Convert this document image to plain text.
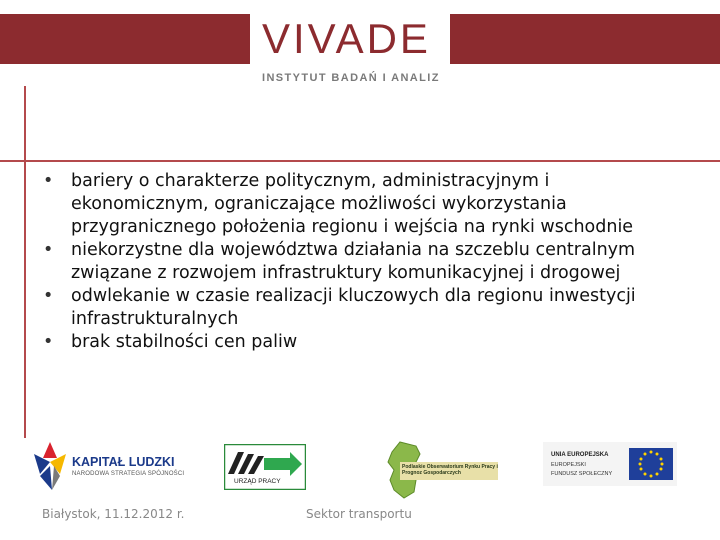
VIVADE
INSTYTUT BADAŃ I ANALIZ
• bariery o charakterze politycznym, administracyjnym i ekonomicznym, ograniczające możliwości wykorzystania przygranicznego położenia regionu i wejścia na rynki wschodnie
• niekorzystne dla województwa działania na szczeblu centralnym związane z rozwojem infrastruktury komunikacyjnej i drogowej
• odwlekanie w czasie realizacji kluczowych dla regionu inwestycji infrastrukturalnych
• brak stabilności cen paliw
KAPITAŁ LUDZKI
NARODOWA STRATEGIA SPÓJNOŚCI
URZĄD PRACY
Podlaskie Obserwatorium Rynku Pracy i Prognoz Gospodarczych
UNIA EUROPEJSKA
EUROPEJSKI
FUNDUSZ SPOŁECZNY
Białystok, 11.12.2012 r.	Sektor transportu
